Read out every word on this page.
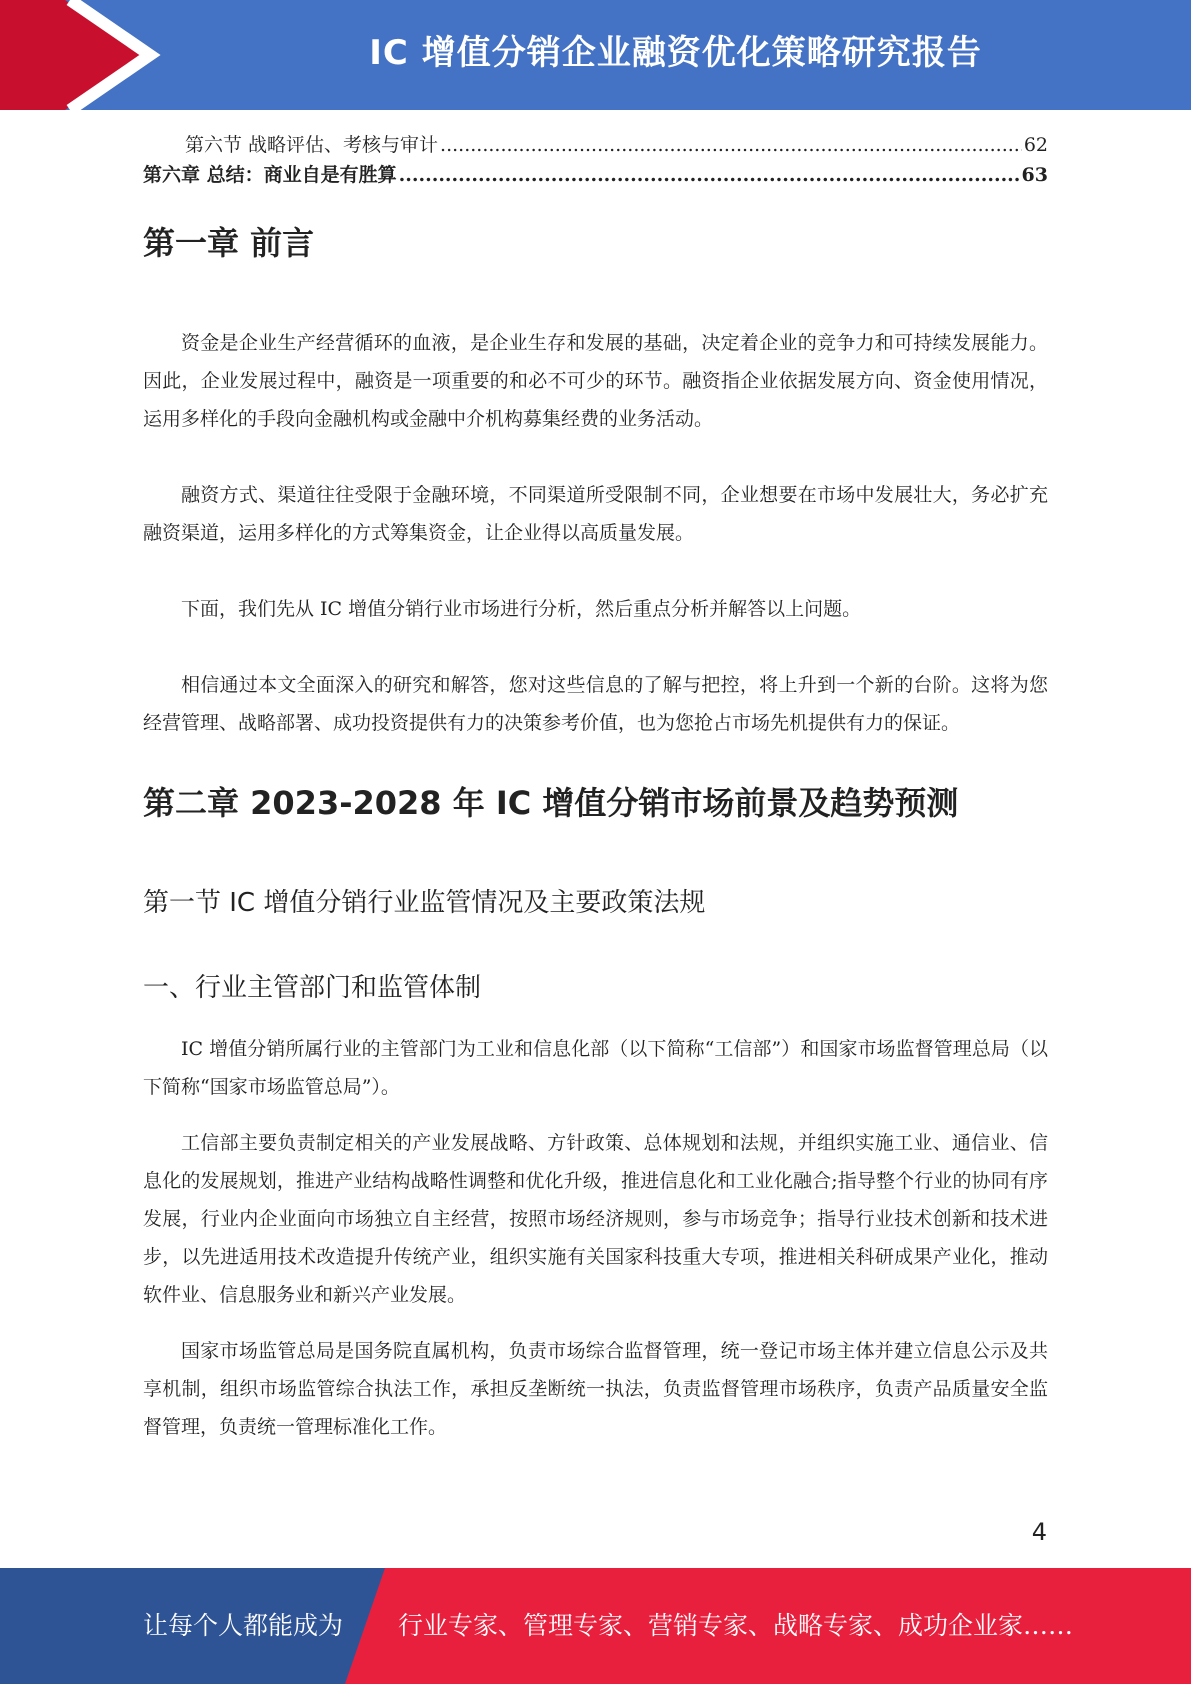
IC 增值分销企业融资优化策略研究报告
第六节 战略评估、考核与审计 .....	62
第六章 总结：商业自是有胜算 .....	63
第一章 前言

资金是企业生产经营循环的血液，是企业生存和发展的基础，决定着企业的竞争力和可持续发展能力。因此，企业发展过程中，融资是一项重要的和必不可少的环节。融资指企业依据发展方向、资金使用情况，运用多样化的手段向金融机构或金融中介机构募集经费的业务活动。

融资方式、渠道往往受限于金融环境，不同渠道所受限制不同，企业想要在市场中发展壮大，务必扩充融资渠道，运用多样化的方式筹集资金，让企业得以高质量发展。

下面，我们先从 IC 增值分销行业市场进行分析，然后重点分析并解答以上问题。

相信通过本文全面深入的研究和解答，您对这些信息的了解与把控，将上升到一个新的台阶。这将为您经营管理、战略部署、成功投资提供有力的决策参考价值，也为您抢占市场先机提供有力的保证。

第二章 2023-2028 年 IC 增值分销市场前景及趋势预测
第一节 IC 增值分销行业监管情况及主要政策法规
一、行业主管部门和监管体制

IC 增值分销所属行业的主管部门为工业和信息化部（以下简称“工信部”）和国家市场监督管理总局（以下简称“国家市场监管总局”）。

工信部主要负责制定相关的产业发展战略、方针政策、总体规划和法规，并组织实施工业、通信业、信息化的发展规划，推进产业结构战略性调整和优化升级，推进信息化和工业化融合;指导整个行业的协同有序发展，行业内企业面向市场独立自主经营，按照市场经济规则，参与市场竞争；指导行业技术创新和技术进步，以先进适用技术改造提升传统产业，组织实施有关国家科技重大专项，推进相关科研成果产业化，推动软件业、信息服务业和新兴产业发展。

国家市场监管总局是国务院直属机构，负责市场综合监督管理，统一登记市场主体并建立信息公示及共享机制，组织市场监管综合执法工作，承担反垄断统一执法，负责监督管理市场秩序，负责产品质量安全监督管理，负责统一管理标准化工作。

4
让每个人都能成为 行业专家、管理专家、营销专家、战略专家、成功企业家……
